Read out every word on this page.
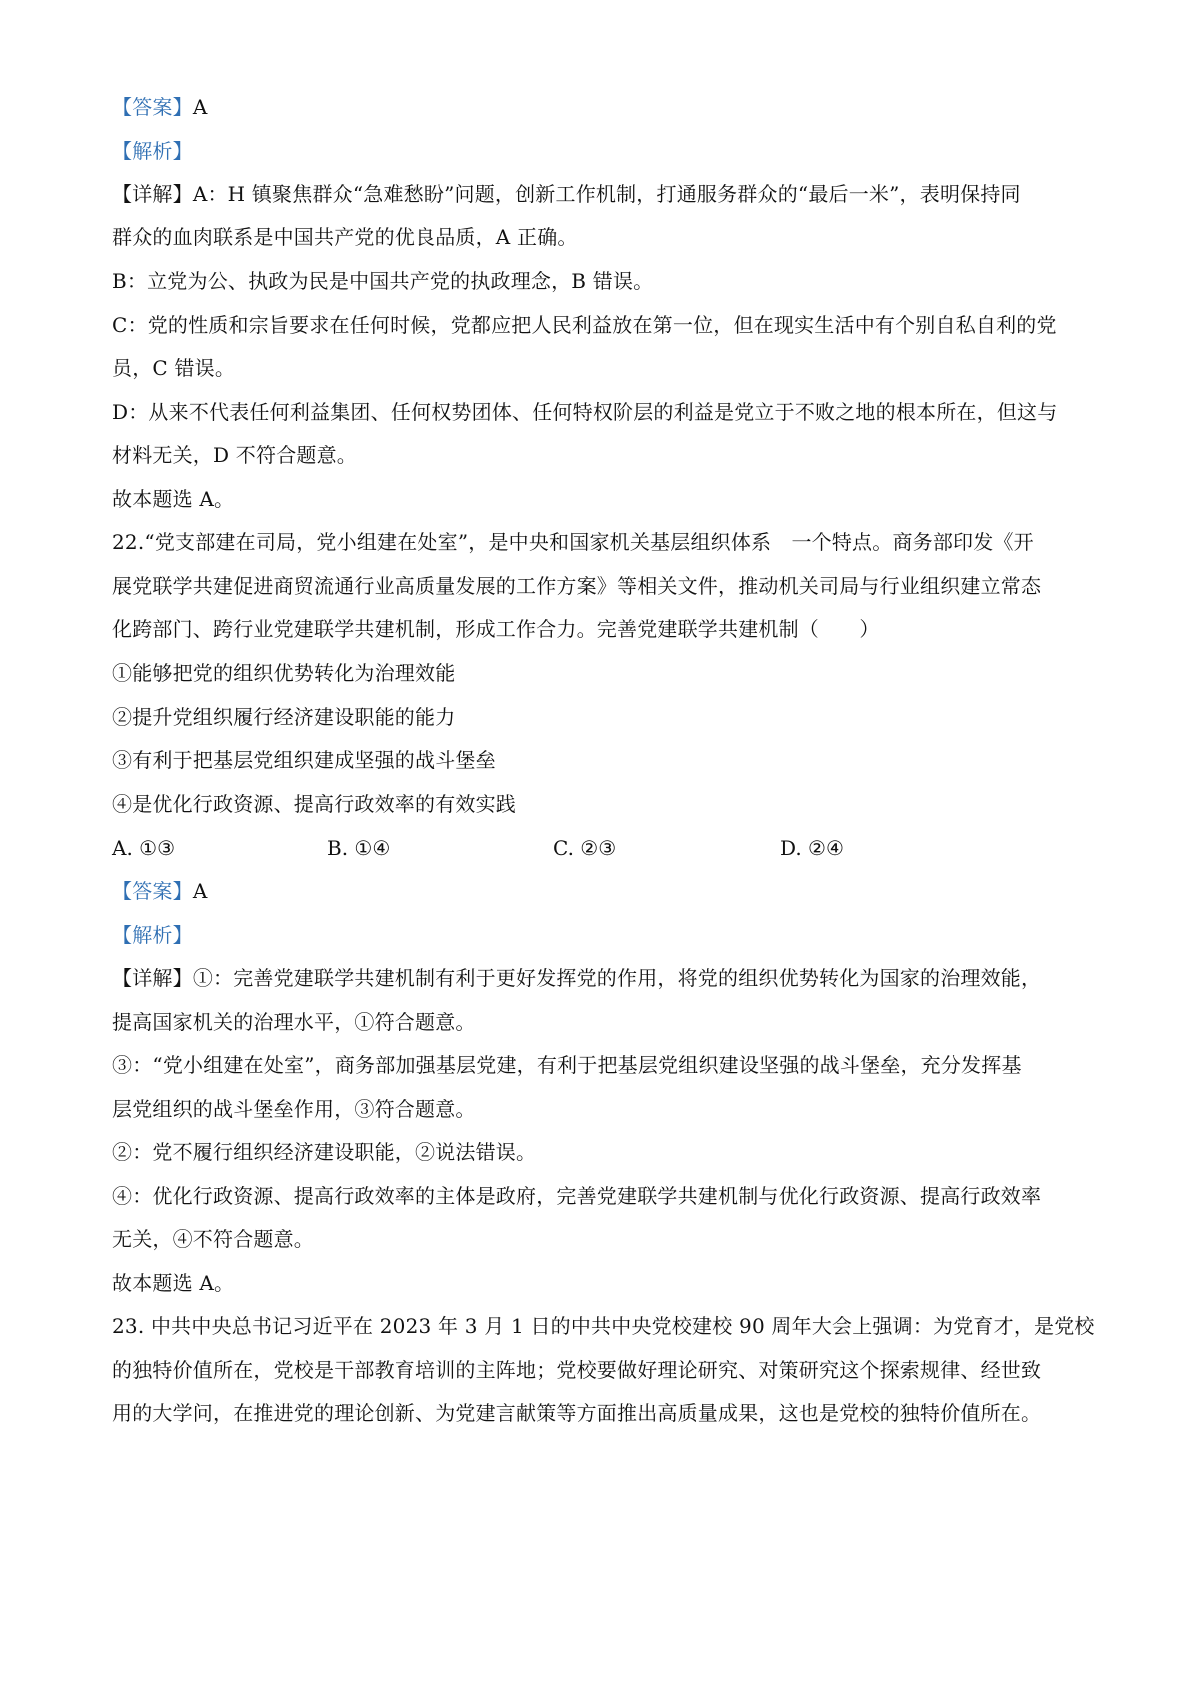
【答案】A
【解析】
【详解】A：H 镇聚焦群众“急难愁盼”问题，创新工作机制，打通服务群众的“最后一米”，表明保持同
群众的血肉联系是中国共产党的优良品质，A 正确。
B：立党为公、执政为民是中国共产党的执政理念，B 错误。
C：党的性质和宗旨要求在任何时候，党都应把人民利益放在第一位，但在现实生活中有个别自私自利的党
员，C 错误。
D：从来不代表任何利益集团、任何权势团体、任何特权阶层的利益是党立于不败之地的根本所在，但这与
材料无关，D 不符合题意。
故本题选 A。
22.“党支部建在司局，党小组建在处室”，是中央和国家机关基层组织体系　一个特点。商务部印发《开
展党联学共建促进商贸流通行业高质量发展的工作方案》等相关文件，推动机关司局与行业组织建立常态
化跨部门、跨行业党建联学共建机制，形成工作合力。完善党建联学共建机制（　　）
①能够把党的组织优势转化为治理效能
②提升党组织履行经济建设职能的能力
③有利于把基层党组织建成坚强的战斗堡垒
④是优化行政资源、提高行政效率的有效实践
A. ①③	B. ①④	C. ②③	D. ②④
【答案】A
【解析】
【详解】①：完善党建联学共建机制有利于更好发挥党的作用，将党的组织优势转化为国家的治理效能，
提高国家机关的治理水平，①符合题意。
③：“党小组建在处室”，商务部加强基层党建，有利于把基层党组织建设坚强的战斗堡垒，充分发挥基
层党组织的战斗堡垒作用，③符合题意。
②：党不履行组织经济建设职能，②说法错误。
④：优化行政资源、提高行政效率的主体是政府，完善党建联学共建机制与优化行政资源、提高行政效率
无关，④不符合题意。
故本题选 A。
23. 中共中央总书记习近平在 2023 年 3 月 1 日的中共中央党校建校 90 周年大会上强调：为党育才，是党校
的独特价值所在，党校是干部教育培训的主阵地；党校要做好理论研究、对策研究这个探索规律、经世致
用的大学问，在推进党的理论创新、为党建言献策等方面推出高质量成果，这也是党校的独特价值所在。
